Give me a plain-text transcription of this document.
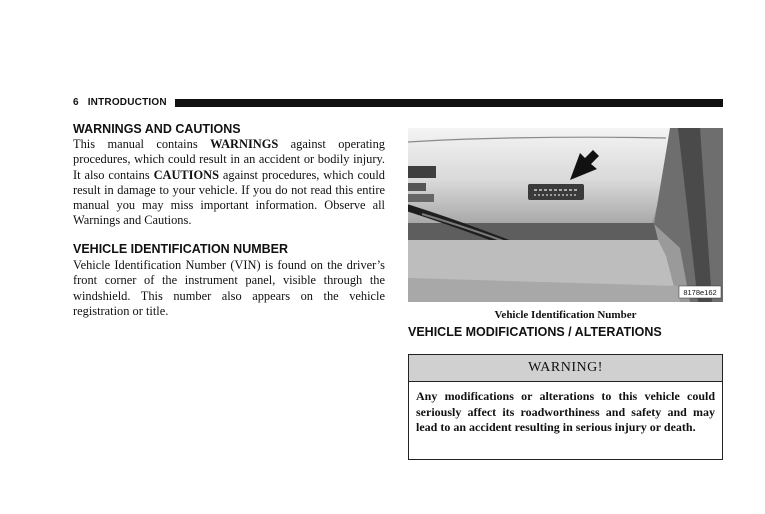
6 INTRODUCTION
WARNINGS AND CAUTIONS
This manual contains WARNINGS against operating procedures, which could result in an accident or bodily injury. It also contains CAUTIONS against procedures, which could result in damage to your vehicle. If you do not read this entire manual you may miss important information. Observe all Warnings and Cautions.
VEHICLE IDENTIFICATION NUMBER
Vehicle Identification Number (VIN) is found on the driver’s front corner of the instrument panel, visible through the windshield. This number also appears on the vehicle registration or title.
8178e162
Vehicle Identification Number
VEHICLE MODIFICATIONS / ALTERATIONS
WARNING!
Any modifications or alterations to this vehicle could seriously affect its roadworthiness and safety and may lead to an accident resulting in serious injury or death.
